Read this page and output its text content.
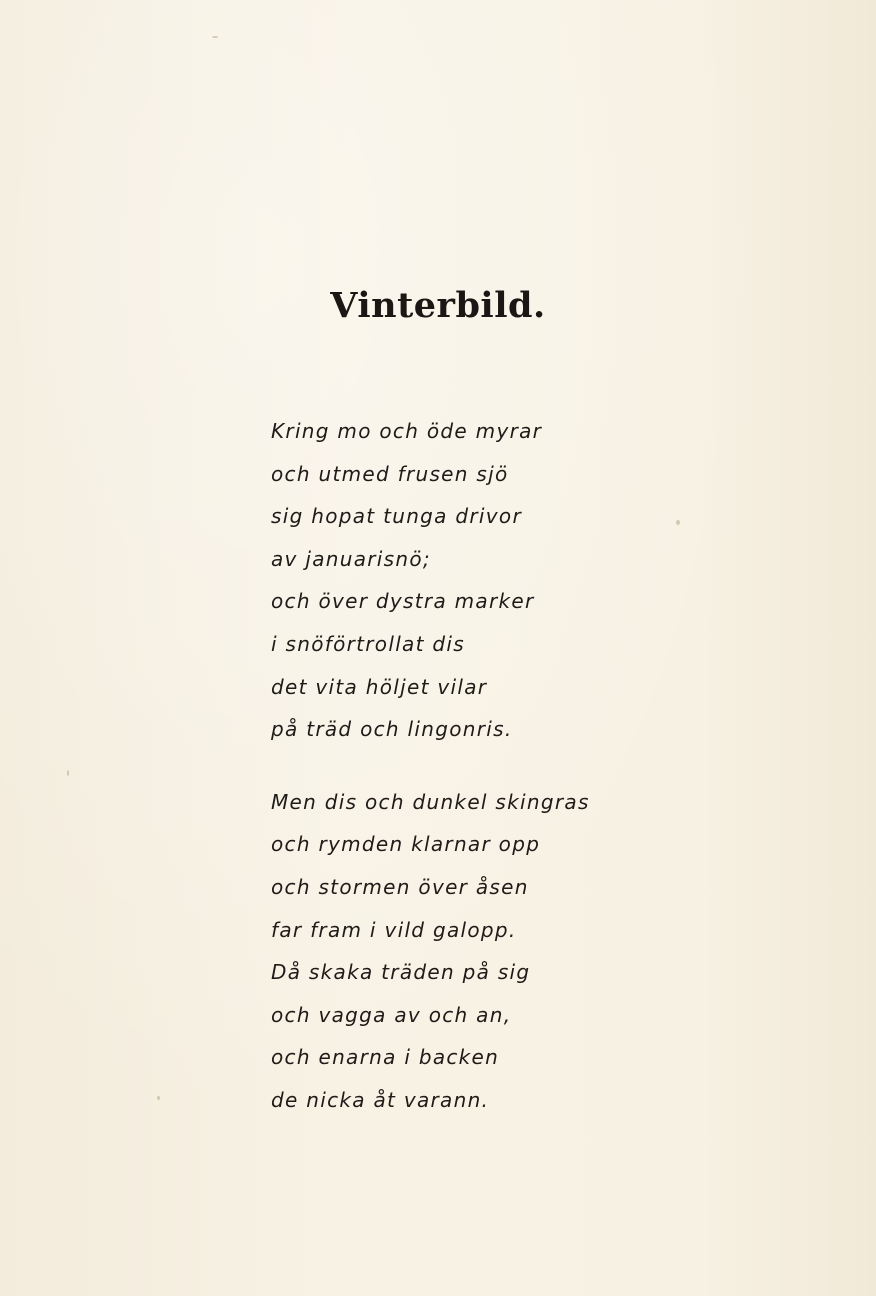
Vinterbild.
Kring mo och öde myrar
och utmed frusen sjö
sig hopat tunga drivor
av januarisnö;
och över dystra marker
i snöförtrollat dis
det vita höljet vilar
på träd och lingonris.
Men dis och dunkel skingras
och rymden klarnar opp
och stormen över åsen
far fram i vild galopp.
Då skaka träden på sig
och vagga av och an,
och enarna i backen
de nicka åt varann.
